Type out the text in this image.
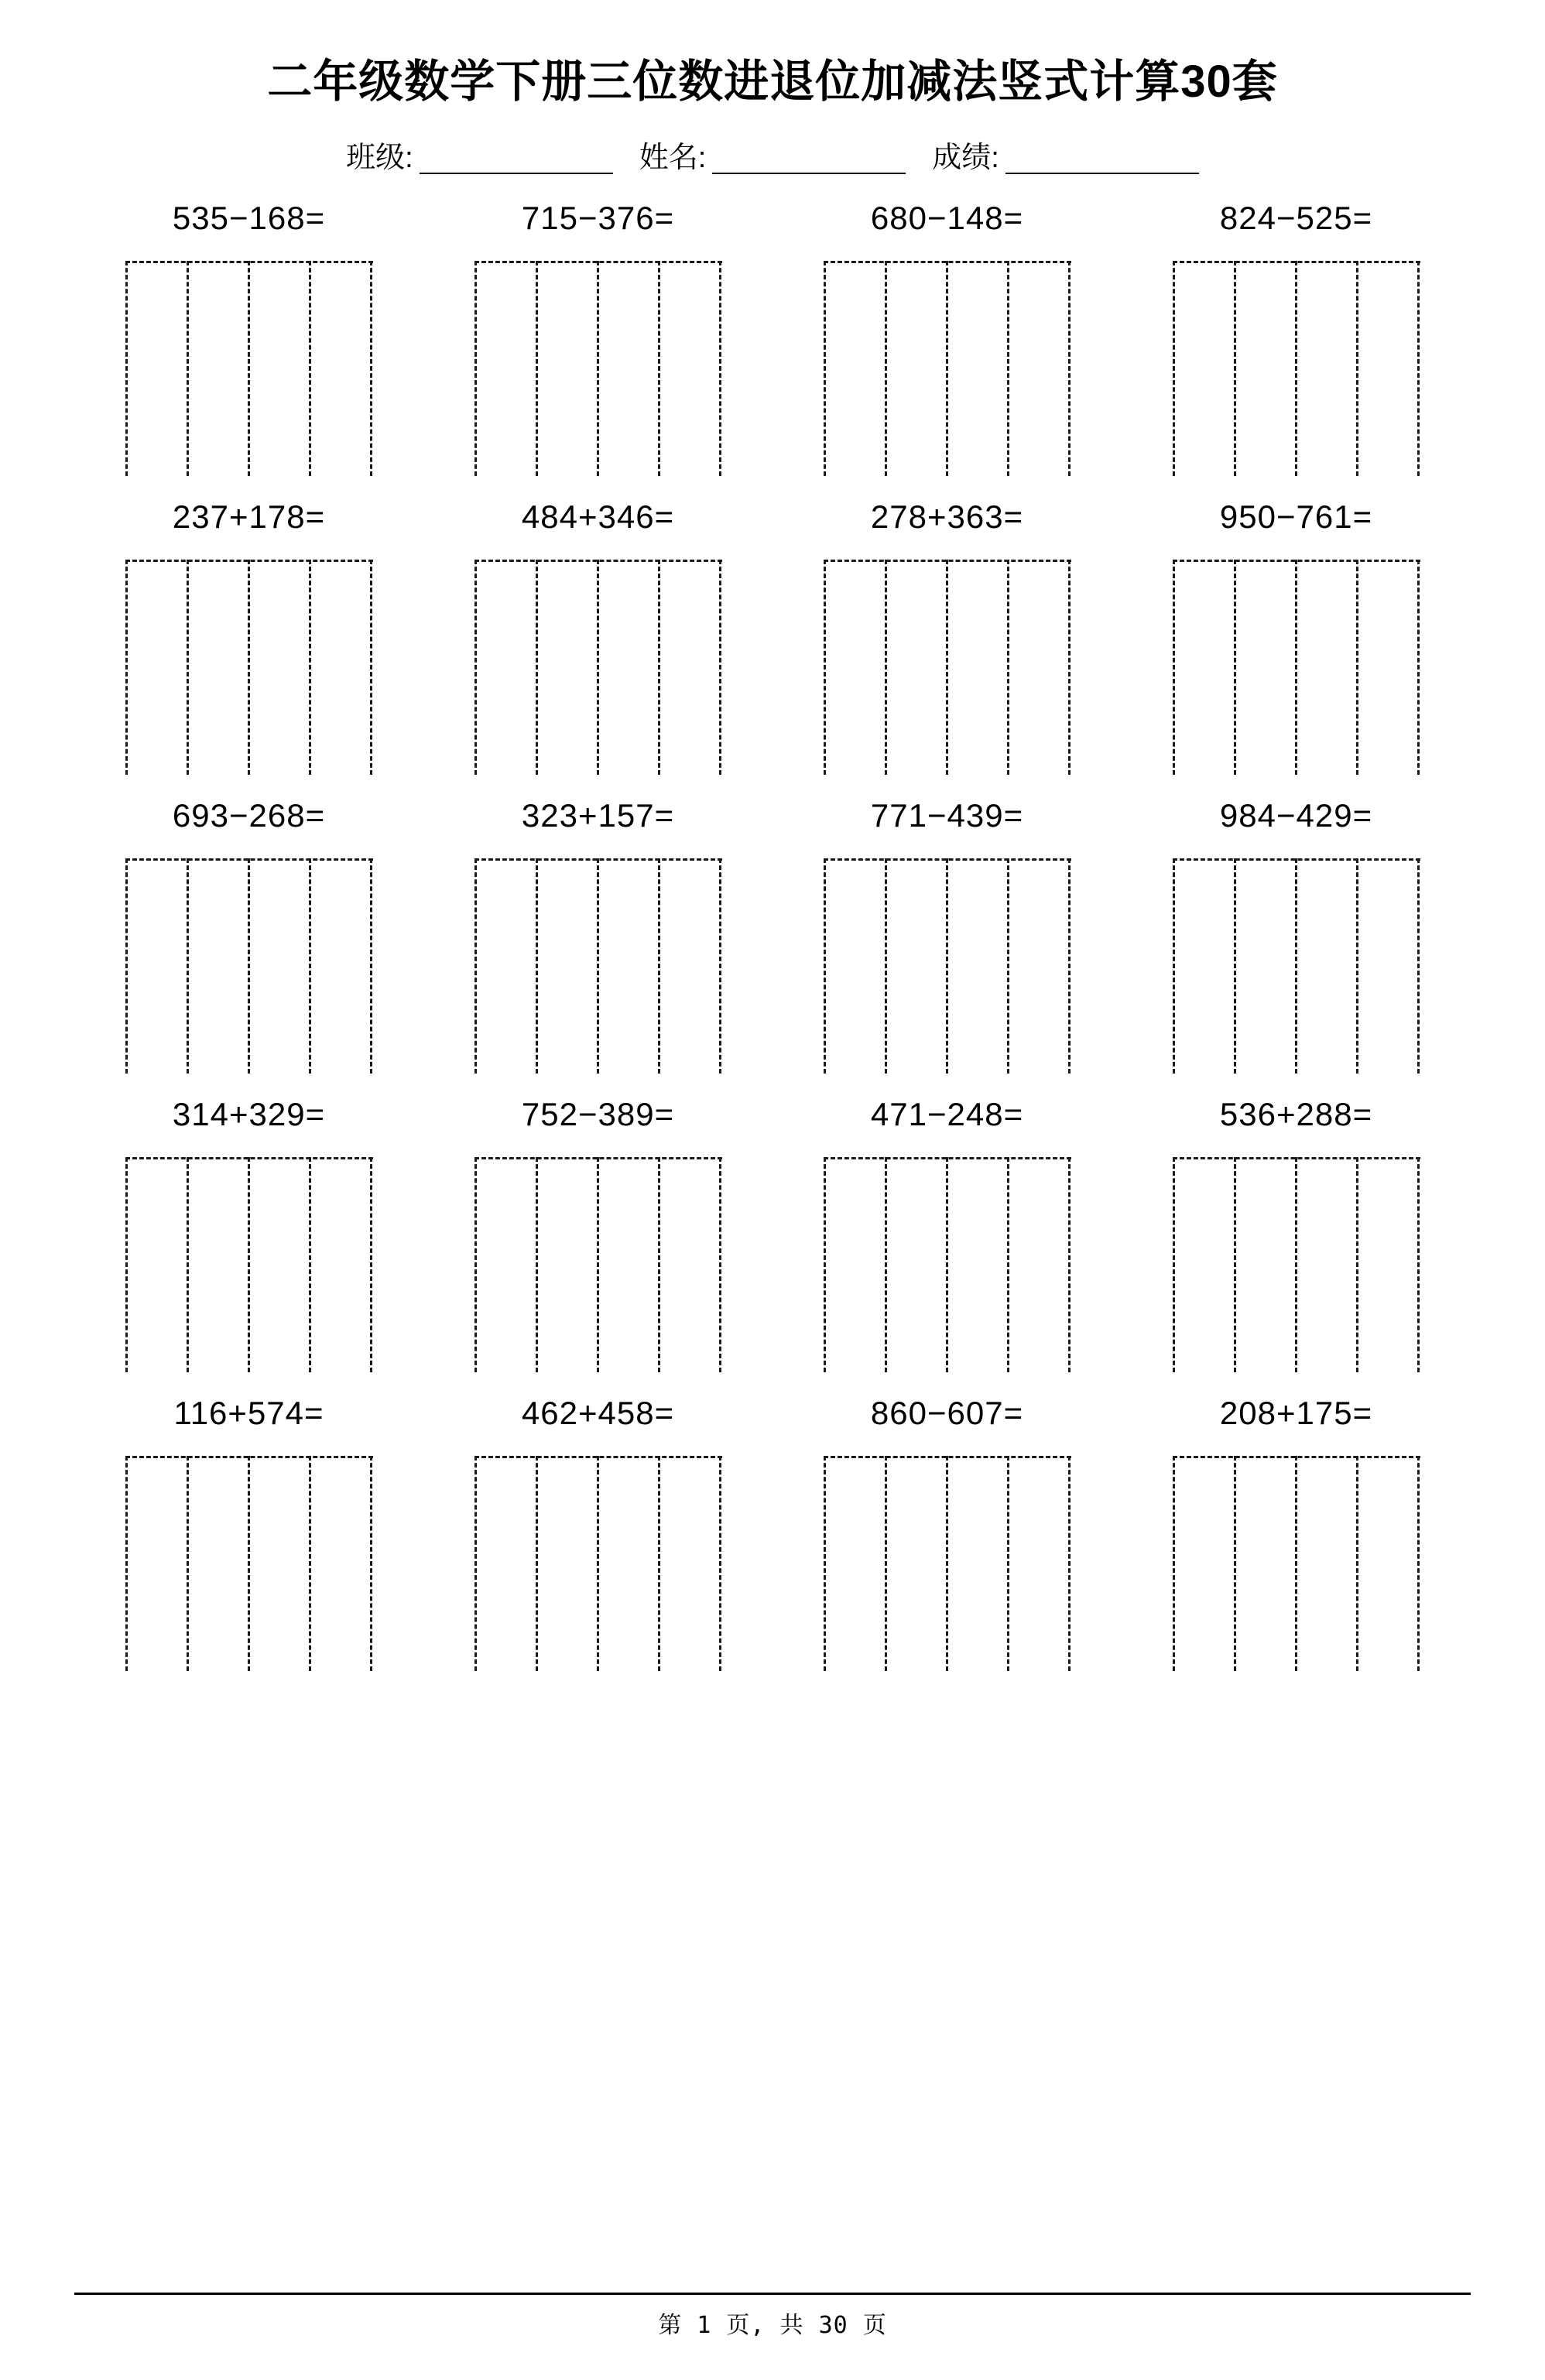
二年级数学下册三位数进退位加减法竖式计算30套
班级:	姓名:	成绩:
535−168=	715−376=	680−148=	824−525=
237+178=	484+346=	278+363=	950−761=
693−268=	323+157=	771−439=	984−429=
314+329=	752−389=	471−248=	536+288=
116+574=	462+458=	860−607=	208+175=
第 1 页, 共 30 页
